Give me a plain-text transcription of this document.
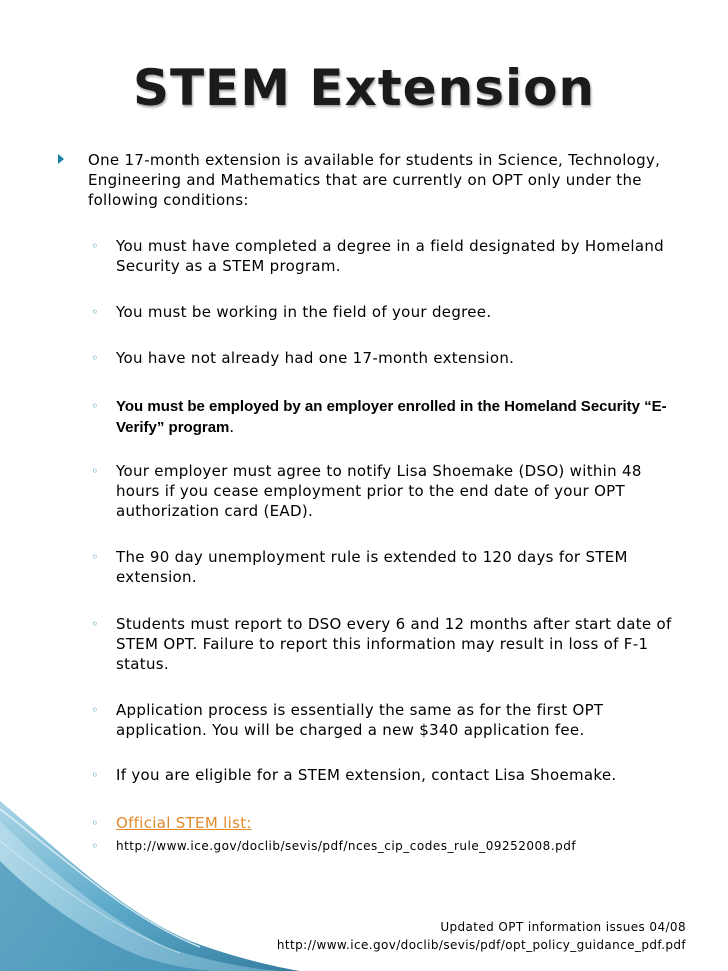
STEM Extension

One 17-month extension is available for students in Science, Technology, Engineering and Mathematics that are currently on OPT only under the following conditions:

◦ You must have completed a degree in a field designated by Homeland Security as a STEM program.
◦ You must be working in the field of your degree.
◦ You have not already had one 17-month extension.
◦ You must be employed by an employer enrolled in the Homeland Security “E-Verify” program.
◦ Your employer must agree to notify Lisa Shoemake (DSO) within 48 hours if you cease employment prior to the end date of your OPT authorization card (EAD).
◦ The 90 day unemployment rule is extended to 120 days for STEM extension.
◦ Students must report to DSO every 6 and 12 months after start date of STEM OPT. Failure to report this information may result in loss of F-1 status.
◦ Application process is essentially the same as for the first OPT application. You will be charged a new $340 application fee.
◦ If you are eligible for a STEM extension, contact Lisa Shoemake.
◦ Official STEM list:
◦ http://www.ice.gov/doclib/sevis/pdf/nces_cip_codes_rule_09252008.pdf
Updated OPT information issues 04/08
http://www.ice.gov/doclib/sevis/pdf/opt_policy_guidance_pdf.pdf
